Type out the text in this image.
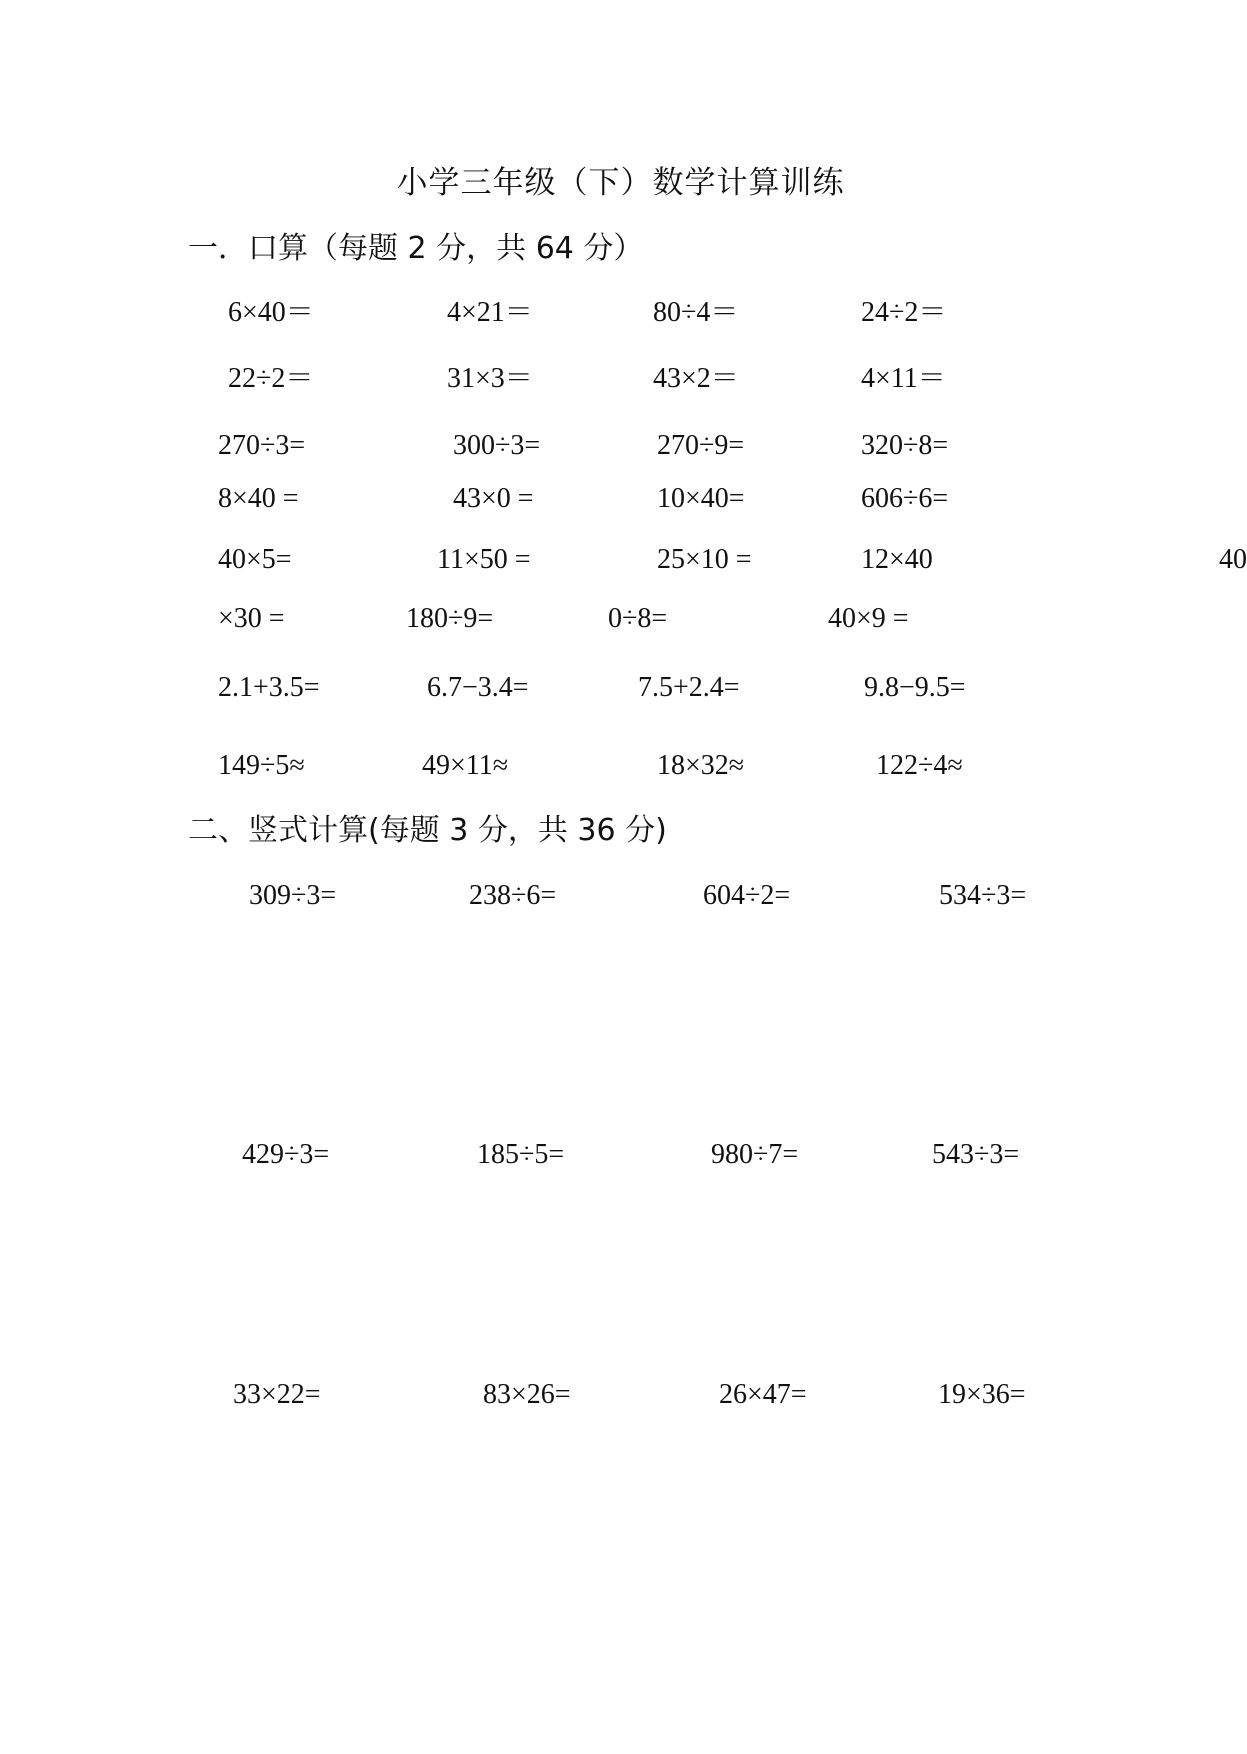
小学三年级（下）数学计算训练
一．口算（每题 2 分，共 64 分）
6×40＝	4×21＝	80÷4＝	24÷2＝
22÷2＝	31×3＝	43×2＝	4×11＝
270÷3=	300÷3=	270÷9=	320÷8=
8×40 =	43×0 =	10×40=	606÷6=
40×5=	11×50 =	25×10 =	12×40	40
×30 =	180÷9=	0÷8=	40×9 =
2.1+3.5=	6.7−3.4=	7.5+2.4=	9.8−9.5=
149÷5≈	49×11≈	18×32≈	122÷4≈
二、竖式计算(每题 3 分，共 36 分)
309÷3=	238÷6=	604÷2=	534÷3=
429÷3=	185÷5=	980÷7=	543÷3=
33×22=	83×26=	26×47=	19×36=
